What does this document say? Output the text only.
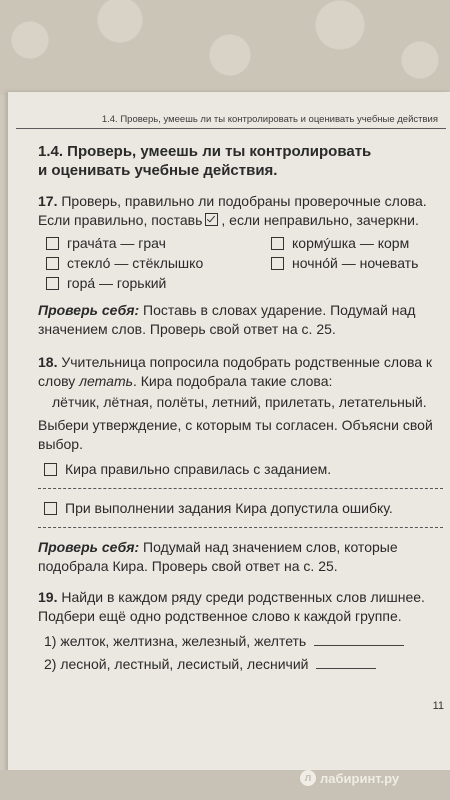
1.4. Проверь, умеешь ли ты контролировать и оценивать учебные действия
1.4. Проверь, умеешь ли ты контролировать
и оценивать учебные действия.

17. Проверь, правильно ли подобраны проверочные слова. Если правильно, поставь , если неправильно, зачеркни.

грача́та — грач	кормýшка — корм
стекло́ — стёклышко	ночно́й — ночевать
гора́ — горький

Проверь себя: Поставь в словах ударение. Подумай над значением слов. Проверь свой ответ на с. 25.

18. Учительница попросила подобрать родственные слова к слову летать. Кира подобрала такие слова:

лётчик, лётная, полёты, летний, прилетать, летательный.

Выбери утверждение, с которым ты согласен. Объясни свой выбор.

Кира правильно справилась с заданием.
При выполнении задания Кира допустила ошибку.

Проверь себя: Подумай над значением слов, которые подобрала Кира. Проверь свой ответ на с. 25.

19. Найди в каждом ряду среди родственных слов лишнее. Подбери ещё одно родственное слово к каждой группе.

1) желток, желтизна, железный, желтеть
2) лесной, лестный, лесистый, лесничий
11
л лабиринт.ру
